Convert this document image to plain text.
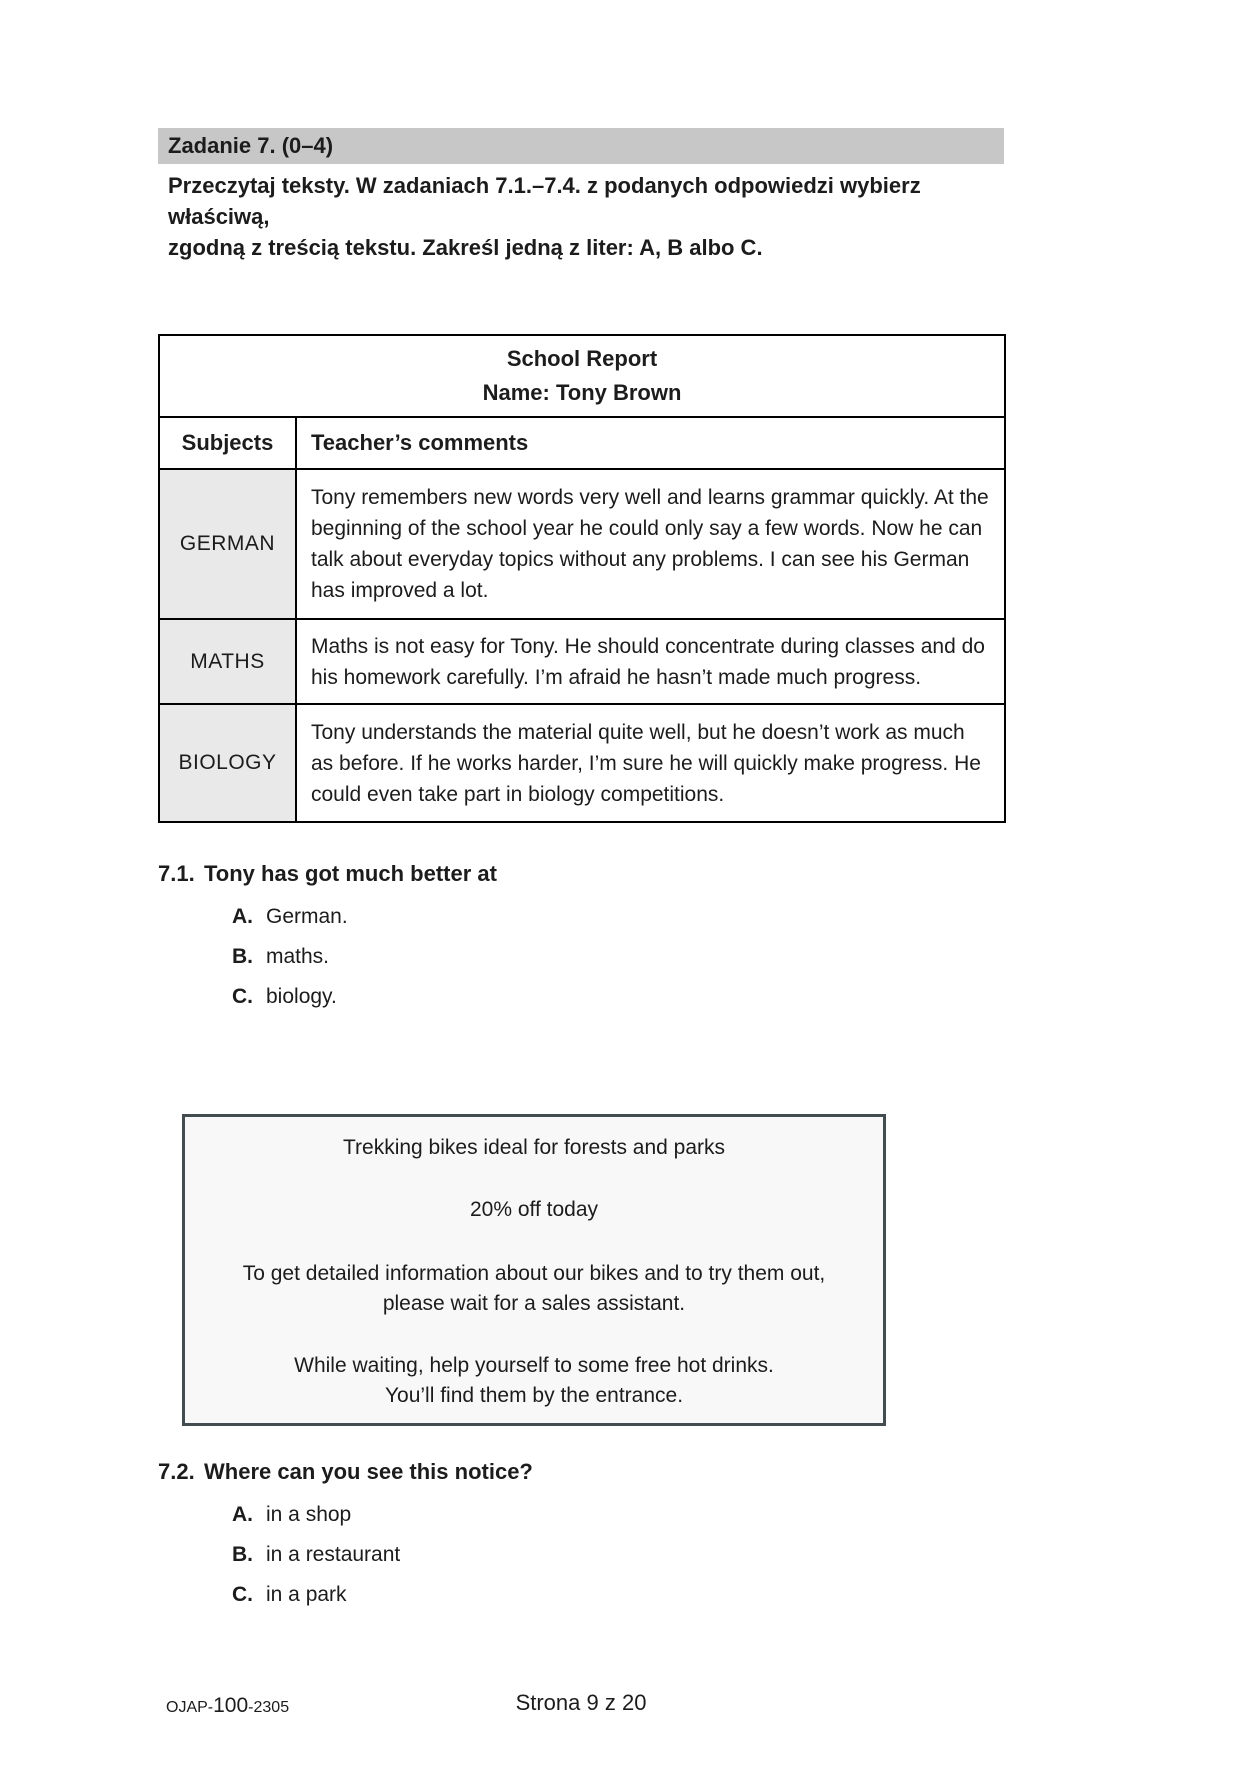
Zadanie 7. (0–4)
Przeczytaj teksty. W zadaniach 7.1.–7.4. z podanych odpowiedzi wybierz właściwą,
zgodną z treścią tekstu. Zakreśl jedną z liter: A, B albo C.
School Report
Name: Tony Brown	

Subjects	Teacher’s comments
GERMAN	Tony remembers new words very well and learns grammar quickly. At the beginning of the school year he could only say a few words. Now he can talk about everyday topics without any problems. I can see his German has improved a lot.
MATHS	Maths is not easy for Tony. He should concentrate during classes and do his homework carefully. I’m afraid he hasn’t made much progress.
BIOLOGY	Tony understands the material quite well, but he doesn’t work as much as before. If he works harder, I’m sure he will quickly make progress. He could even take part in biology competitions.
7.1. Tony has got much better at
A. German.
B. maths.
C. biology.
Trekking bikes ideal for forests and parks
20% off today
To get detailed information about our bikes and to try them out,
please wait for a sales assistant.
While waiting, help yourself to some free hot drinks.
You’ll find them by the entrance.
7.2. Where can you see this notice?
A. in a shop
B. in a restaurant
C. in a park
OJAP-100-2305	Strona 9 z 20
